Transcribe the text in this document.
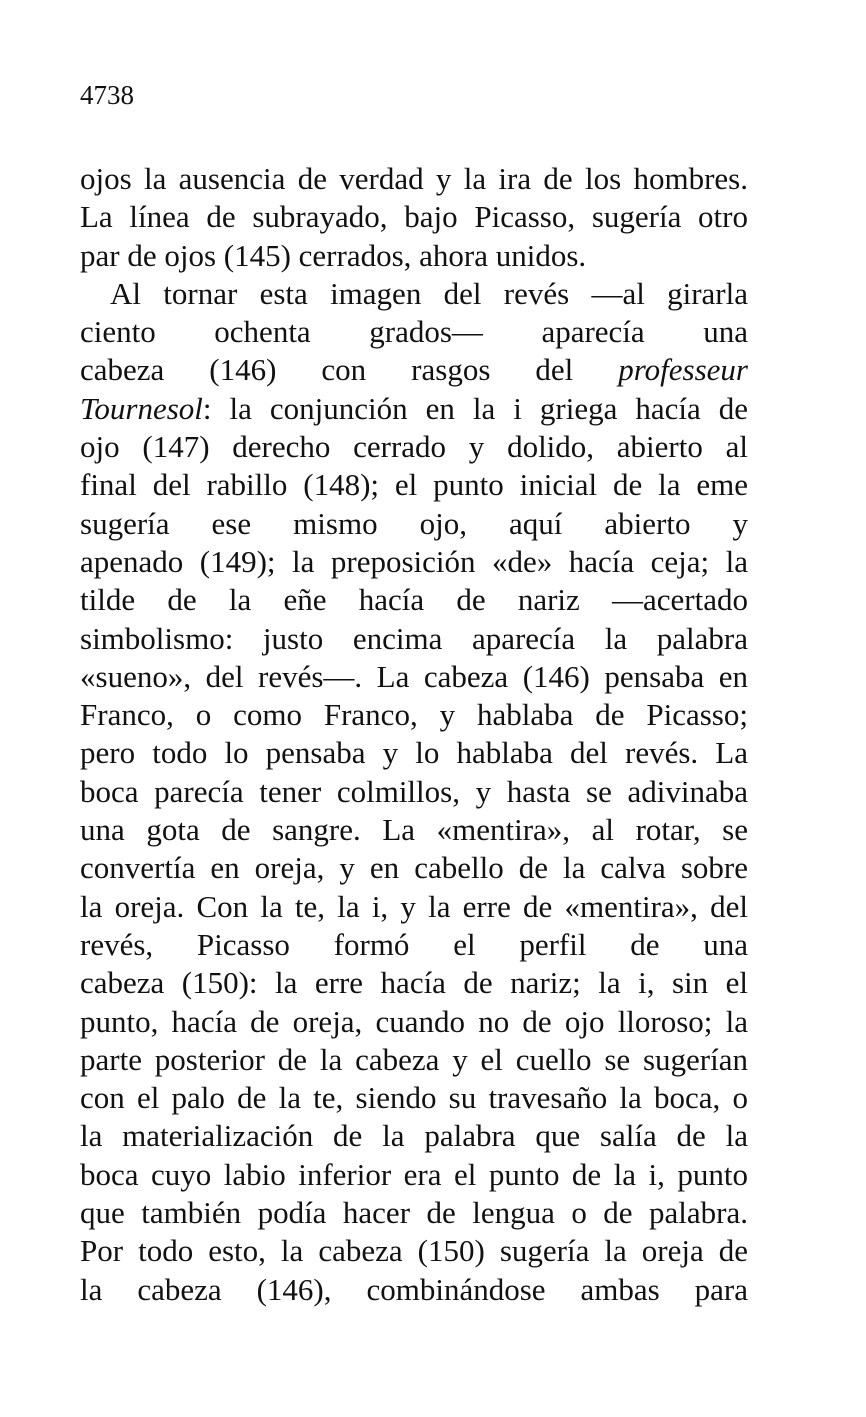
4738
ojos la ausencia de verdad y la ira de los hombres.
La línea de subrayado, bajo Picasso, sugería otro
par de ojos (145) cerrados, ahora unidos.
Al tornar esta imagen del revés —al girarla
ciento ochenta grados— aparecía una
cabeza (146) con rasgos del professeur
Tournesol: la conjunción en la i griega hacía de
ojo (147) derecho cerrado y dolido, abierto al
final del rabillo (148); el punto inicial de la eme
sugería ese mismo ojo, aquí abierto y
apenado (149); la preposición «de» hacía ceja; la
tilde de la eñe hacía de nariz —acertado
simbolismo: justo encima aparecía la palabra
«sueno», del revés—. La cabeza (146) pensaba en
Franco, o como Franco, y hablaba de Picasso;
pero todo lo pensaba y lo hablaba del revés. La
boca parecía tener colmillos, y hasta se adivinaba
una gota de sangre. La «mentira», al rotar, se
convertía en oreja, y en cabello de la calva sobre
la oreja. Con la te, la i, y la erre de «mentira», del
revés, Picasso formó el perfil de una
cabeza (150): la erre hacía de nariz; la i, sin el
punto, hacía de oreja, cuando no de ojo lloroso; la
parte posterior de la cabeza y el cuello se sugerían
con el palo de la te, siendo su travesaño la boca, o
la materialización de la palabra que salía de la
boca cuyo labio inferior era el punto de la i, punto
que también podía hacer de lengua o de palabra.
Por todo esto, la cabeza (150) sugería la oreja de
la cabeza (146), combinándose ambas para
